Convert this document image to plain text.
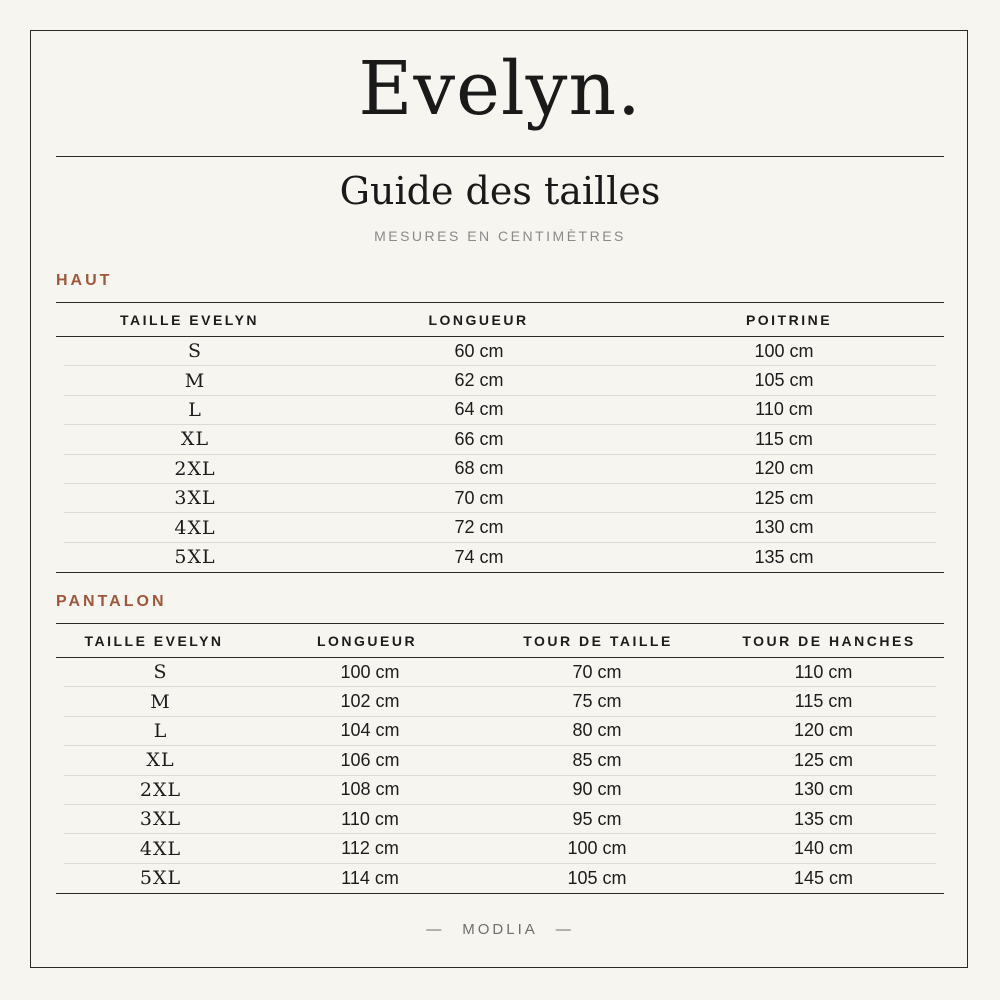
Evelyn.
Guide des tailles
MESURES EN CENTIMÈTRES
HAUT
TAILLE EVELYN	LONGUEUR	POITRINE
S	60 cm	100 cm
M	62 cm	105 cm
L	64 cm	110 cm
XL	66 cm	115 cm
2XL	68 cm	120 cm
3XL	70 cm	125 cm
4XL	72 cm	130 cm
5XL	74 cm	135 cm
PANTALON
TAILLE EVELYN	LONGUEUR	TOUR DE TAILLE	TOUR DE HANCHES
S	100 cm	70 cm	110 cm
M	102 cm	75 cm	115 cm
L	104 cm	80 cm	120 cm
XL	106 cm	85 cm	125 cm
2XL	108 cm	90 cm	130 cm
3XL	110 cm	95 cm	135 cm
4XL	112 cm	100 cm	140 cm
5XL	114 cm	105 cm	145 cm
— MODLIA —
